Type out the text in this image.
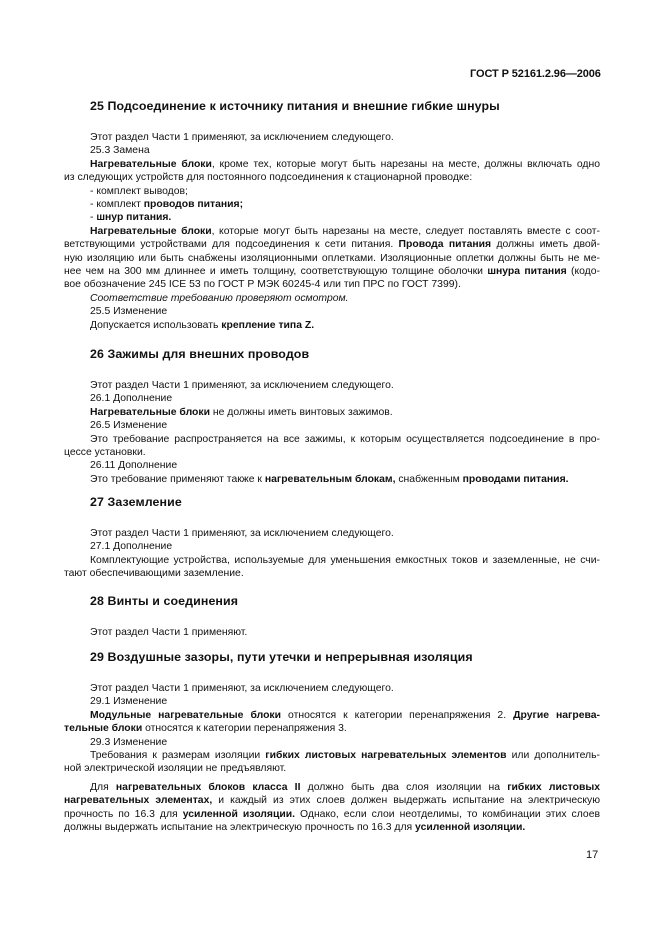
ГОСТ Р 52161.2.96—2006
25 Подсоединение к источнику питания и внешние гибкие шнуры

Этот раздел Части 1 применяют, за исключением следующего.

25.3 Замена

Нагревательные блоки, кроме тех, которые могут быть нарезаны на месте, должны включать одно
из следующих устройств для постоянного подсоединения к стационарной проводке:

- комплект выводов;

- комплект проводов питания;

- шнур питания.

Нагревательные блоки, которые могут быть нарезаны на месте, следует поставлять вместе с соот-
ветствующими устройствами для подсоединения к сети питания. Провода питания должны иметь двой-
ную изоляцию или быть снабжены изоляционными оплетками. Изоляционные оплетки должны быть не ме-
нее чем на 300 мм длиннее и иметь толщину, соответствующую толщине оболочки шнура питания (кодо-
вое обозначение 245 ICE 53 по ГОСТ Р МЭК 60245-4 или тип ПРС по ГОСТ 7399).

Соответствие требованию проверяют осмотром.

25.5 Изменение

Допускается использовать крепление типа Z.

26 Зажимы для внешних проводов

Этот раздел Части 1 применяют, за исключением следующего.

26.1 Дополнение

Нагревательные блоки не должны иметь винтовых зажимов.

26.5 Изменение

Это требование распространяется на все зажимы, к которым осуществляется подсоединение в про-
цессе установки.

26.11 Дополнение

Это требование применяют также к нагревательным блокам, снабженным проводами питания.

27 Заземление

Этот раздел Части 1 применяют, за исключением следующего.

27.1 Дополнение

Комплектующие устройства, используемые для уменьшения емкостных токов и заземленные, не счи-
тают обеспечивающими заземление.

28 Винты и соединения

Этот раздел Части 1 применяют.

29 Воздушные зазоры, пути утечки и непрерывная изоляция

Этот раздел Части 1 применяют, за исключением следующего.

29.1 Изменение

Модульные нагревательные блоки относятся к категории перенапряжения 2. Другие нагрева-
тельные блоки относятся к категории перенапряжения 3.

29.3 Изменение

Требования к размерам изоляции гибких листовых нагревательных элементов или дополнитель-
ной электрической изоляции не предъявляют.

Для нагревательных блоков класса II должно быть два слоя изоляции на гибких листовых
нагревательных элементах, и каждый из этих слоев должен выдержать испытание на электрическую
прочность по 16.3 для усиленной изоляции. Однако, если слои неотделимы, то комбинации этих слоев
должны выдержать испытание на электрическую прочность по 16.3 для усиленной изоляции.

17
